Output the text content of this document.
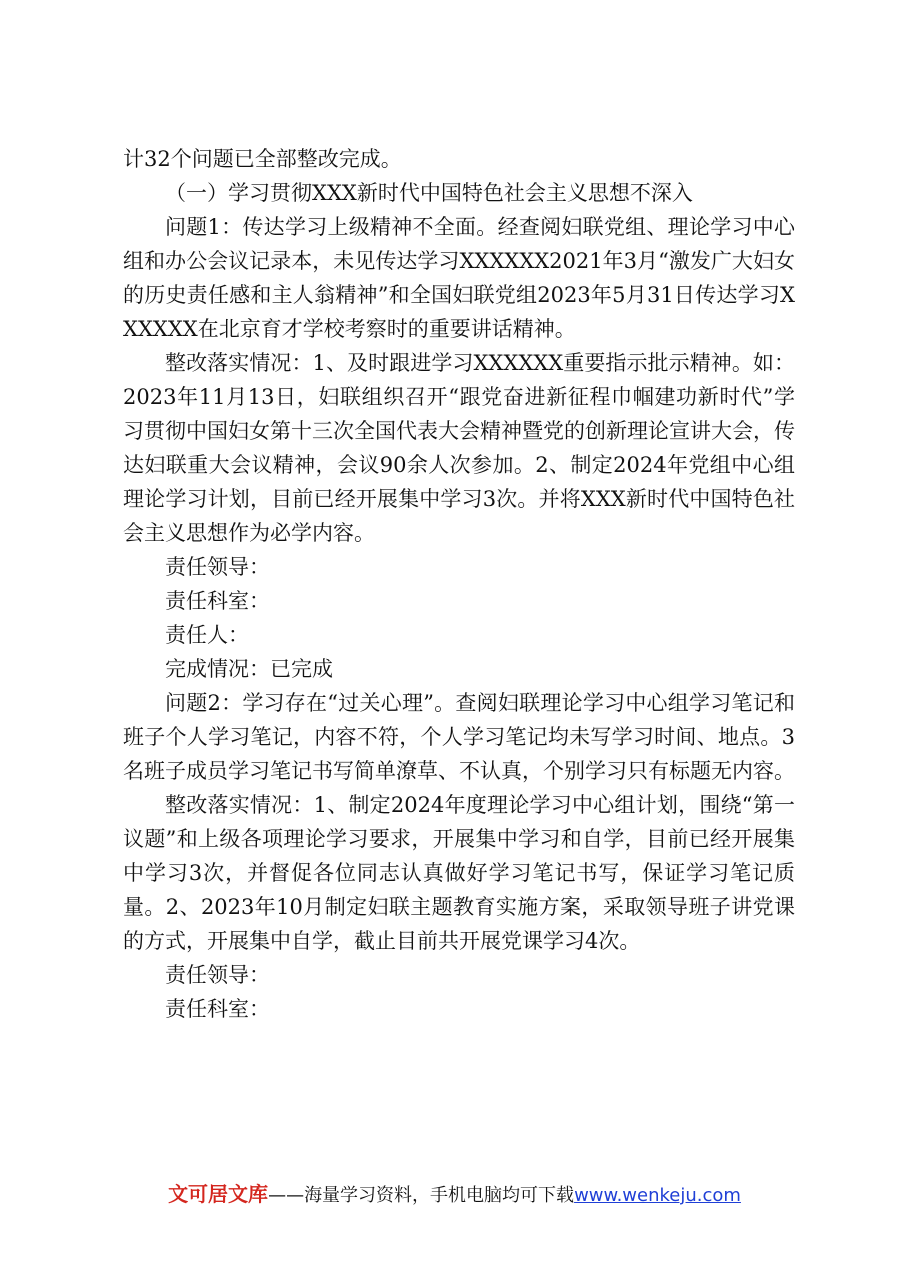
计32个问题已全部整改完成。

（一）学习贯彻XXX新时代中国特色社会主义思想不深入

问题1：传达学习上级精神不全面。经查阅妇联党组、理论学习中心组和办公会议记录本，未见传达学习XXXXXX2021年3月“激发广大妇女的历史责任感和主人翁精神”和全国妇联党组2023年5月31日传达学习XXXXXX在北京育才学校考察时的重要讲话精神。

整改落实情况：1、及时跟进学习XXXXXX重要指示批示精神。如：2023年11月13日，妇联组织召开“跟党奋进新征程巾帼建功新时代”学习贯彻中国妇女第十三次全国代表大会精神暨党的创新理论宣讲大会，传达妇联重大会议精神，会议90余人次参加。2、制定2024年党组中心组理论学习计划，目前已经开展集中学习3次。并将XXX新时代中国特色社会主义思想作为必学内容。

责任领导：

责任科室：

责任人：

完成情况：已完成

问题2：学习存在“过关心理”。查阅妇联理论学习中心组学习笔记和班子个人学习笔记，内容不符，个人学习笔记均未写学习时间、地点。3名班子成员学习笔记书写简单潦草、不认真，个别学习只有标题无内容。

整改落实情况：1、制定2024年度理论学习中心组计划，围绕“第一议题”和上级各项理论学习要求，开展集中学习和自学，目前已经开展集中学习3次，并督促各位同志认真做好学习笔记书写，保证学习笔记质量。2、2023年10月制定妇联主题教育实施方案，采取领导班子讲党课的方式，开展集中自学，截止目前共开展党课学习4次。

责任领导：

责任科室：

文可居文库——海量学习资料，手机电脑均可下载www.wenkeju.com
